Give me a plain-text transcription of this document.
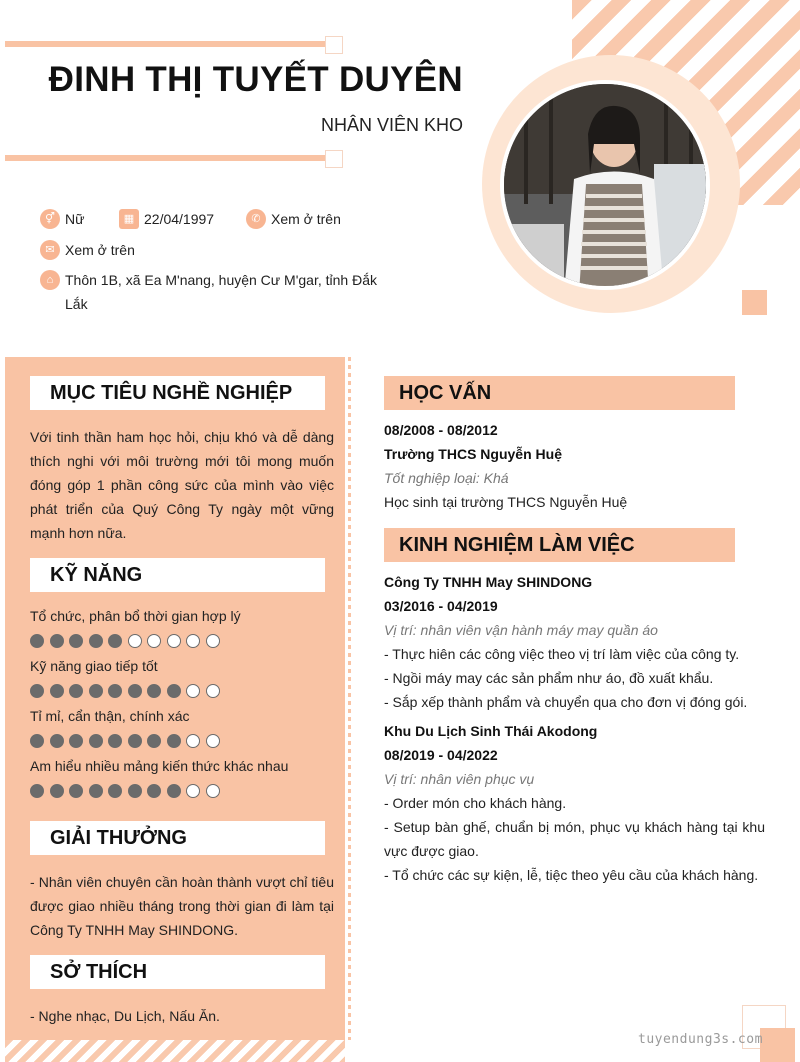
ĐINH THỊ TUYẾT DUYÊN
NHÂN VIÊN KHO
⚥ Nữ	▦ 22/04/1997	✆ Xem ở trên
✉ Xem ở trên
⌂ Thôn 1B, xã Ea M'nang, huyện Cư M'gar, tỉnh Đắk Lắk
MỤC TIÊU NGHỀ NGHIỆP
Với tinh thần ham học hỏi, chịu khó và dễ dàng thích nghi với môi trường mới tôi mong muốn đóng góp 1 phần công sức của mình vào việc phát triển của Quý Công Ty ngày một vững mạnh hơn nữa.
KỸ NĂNG
Tổ chức, phân bổ thời gian hợp lý
Kỹ năng giao tiếp tốt
Tỉ mỉ, cẩn thận, chính xác
Am hiểu nhiều mảng kiến thức khác nhau
GIẢI THƯỞNG
- Nhân viên chuyên cần hoàn thành vượt chỉ tiêu được giao nhiều tháng trong thời gian đi làm tại Công Ty TNHH May SHINDONG.
SỞ THÍCH
- Nghe nhạc, Du Lịch, Nấu Ăn.
HỌC VẤN
08/2008 - 08/2012
Trường THCS Nguyễn Huệ
Tốt nghiệp loại: Khá
Học sinh tại trường THCS Nguyễn Huệ
KINH NGHIỆM LÀM VIỆC
Công Ty TNHH May SHINDONG
03/2016 - 04/2019
Vị trí: nhân viên vận hành máy may quần áo
- Thực hiên các công việc theo vị trí làm việc của công ty.
- Ngồi máy may các sản phẩm như áo, đồ xuất khẩu.
- Sắp xếp thành phẩm và chuyển qua cho đơn vị đóng gói.
Khu Du Lịch Sinh Thái Akodong
08/2019 - 04/2022
Vị trí: nhân viên phục vụ
- Order món cho khách hàng.
- Setup bàn ghế, chuẩn bị món, phục vụ khách hàng tại khu vực được giao.
- Tổ chức các sự kiện, lễ, tiệc theo yêu cầu của khách hàng.
tuyendung3s.com
